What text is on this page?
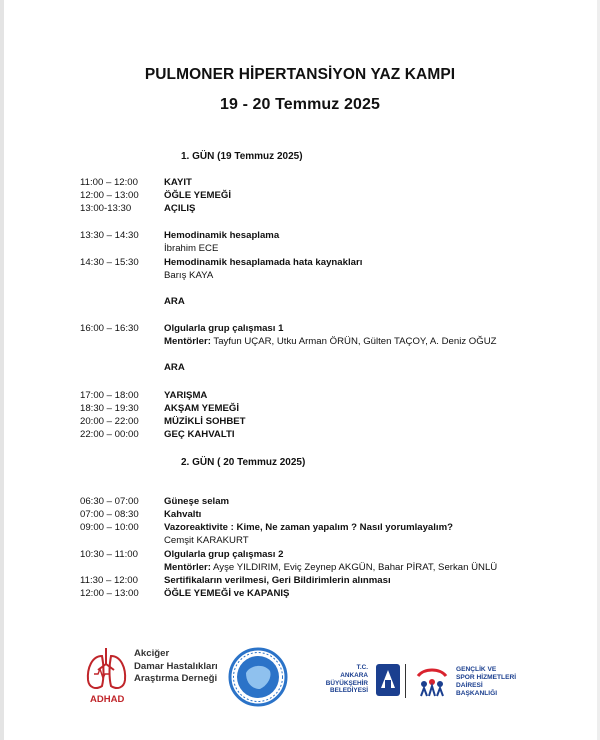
PULMONER HİPERTANSİYON YAZ KAMPI
19 - 20 Temmuz 2025
1. GÜN (19 Temmuz 2025)
11:00 – 12:00	KAYIT
12:00 – 13:00	ÖĞLE YEMEĞİ
13:00-13:30	AÇILIŞ
13:30 – 14:30	Hemodinamik hesaplama
İbrahim ECE
14:30 – 15:30	Hemodinamik hesaplamada hata kaynakları
Barış KAYA
ARA
16:00 – 16:30	Olgularla grup çalışması 1
Mentörler: Tayfun UÇAR, Utku Arman ÖRÜN, Gülten TAÇOY, A. Deniz OĞUZ
ARA
17:00 – 18:00	YARIŞMA
18:30 – 19:30	AKŞAM YEMEĞİ
20:00 – 22:00	MÜZİKLİ SOHBET
22:00 – 00:00	GEÇ KAHVALTI
2. GÜN ( 20 Temmuz 2025)
06:30 – 07:00	Güneşe selam
07:00 – 08:30	Kahvaltı
09:00 – 10:00	Vazoreaktivite : Kime, Ne zaman yapalım ? Nasıl yorumlayalım?
Cemşit KARAKURT
10:30 – 11:00	Olgularla grup çalışması 2
Mentörler: Ayşe YILDIRIM, Eviç Zeynep AKGÜN, Bahar PİRAT, Serkan ÜNLÜ
11:30 – 12:00	Sertifikaların verilmesi, Geri Bildirimlerin alınması
12:00 – 13:00	ÖĞLE YEMEĞİ ve KAPANIŞ
ADHAD
Akciğer
Damar Hastalıkları
Araştırma Derneği
T.C.
ANKARA
BÜYÜKŞEHİR
BELEDİYESİ
GENÇLİK VE
SPOR HİZMETLERİ
DAİRESİ
BAŞKANLIĞI
